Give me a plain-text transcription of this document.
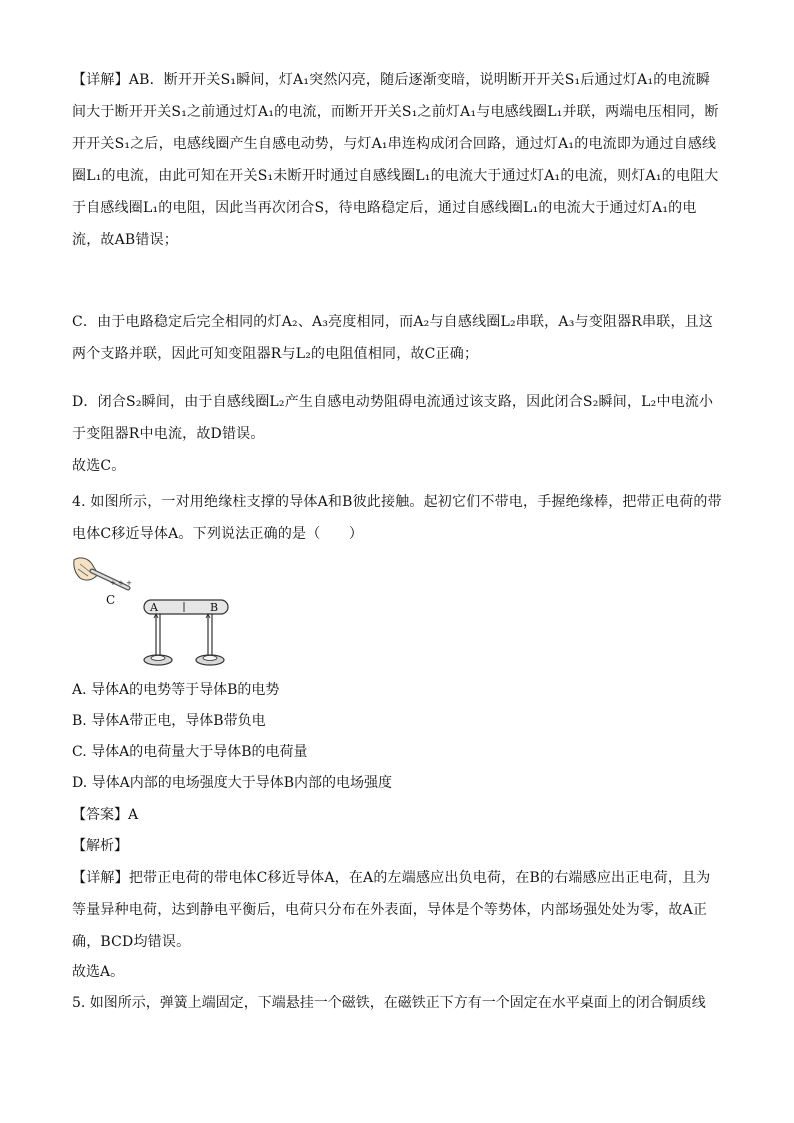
【详解】AB．断开开关S₁瞬间，灯A₁突然闪亮，随后逐渐变暗，说明断开开关S₁后通过灯A₁的电流瞬间大于断开开关S₁之前通过灯A₁的电流，而断开开关S₁之前灯A₁与电感线圈L₁并联，两端电压相同，断开开关S₁之后，电感线圈产生自感电动势，与灯A₁串连构成闭合回路，通过灯A₁的电流即为通过自感线圈L₁的电流，由此可知在开关S₁未断开时通过自感线圈L₁的电流大于通过灯A₁的电流，则灯A₁的电阻大于自感线圈L₁的电阻，因此当再次闭合S，待电路稳定后，通过自感线圈L₁的电流大于通过灯A₁的电流，故AB错误；

C．由于电路稳定后完全相同的灯A₂、A₃亮度相同，而A₂与自感线圈L₂串联，A₃与变阻器R串联，且这两个支路并联，因此可知变阻器R与L₂的电阻值相同，故C正确；

D．闭合S₂瞬间，由于自感线圈L₂产生自感电动势阻碍电流通过该支路，因此闭合S₂瞬间，L₂中电流小于变阻器R中电流，故D错误。

故选C。

4. 如图所示，一对用绝缘柱支撑的导体A和B彼此接触。起初它们不带电，手握绝缘棒，把带正电荷的带电体C移近导体A。下列说法正确的是（　　）

+ + +
C
A	B
A. 导体A的电势等于导体B的电势
B. 导体A带正电，导体B带负电
C. 导体A的电荷量大于导体B的电荷量
D. 导体A内部的电场强度大于导体B内部的电场强度
【答案】A
【解析】

【详解】把带正电荷的带电体C移近导体A，在A的左端感应出负电荷，在B的右端感应出正电荷，且为等量异种电荷，达到静电平衡后，电荷只分布在外表面，导体是个等势体，内部场强处处为零，故A正确，BCD均错误。

故选A。
5. 如图所示，弹簧上端固定，下端悬挂一个磁铁，在磁铁正下方有一个固定在水平桌面上的闭合铜质线
